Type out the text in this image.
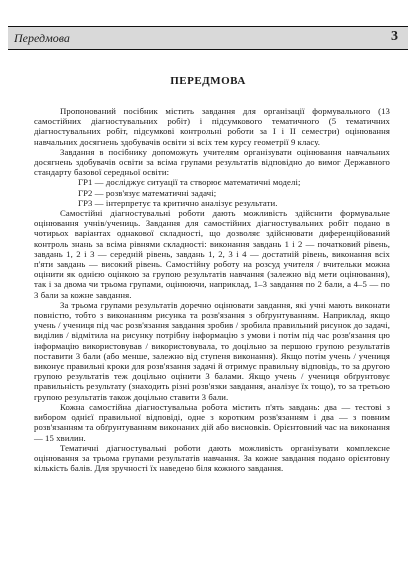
Передмова	3
ПЕРЕДМОВА

Пропонований посібник містить завдання для організації формувального (13 самостійних діагностувальних робіт) і підсумкового тематичного (5 тематичних діагностувальних робіт, підсумкові контрольні роботи за I і II семестри) оцінювання навчальних досягнень здобувачів освіти зі всіх тем курсу геометрії 9 класу.

Завдання в посібнику допоможуть учителям організувати оцінювання навчальних досягнень здобувачів освіти за всіма групами результатів відповідно до вимог Державного стандарту базової середньої освіти:

ГР1 — досліджує ситуації та створює математичні моделі;

ГР2 — розв'язує математичні задачі;

ГР3 — інтерпретує та критично аналізує результати.

Самостійні діагностувальні роботи дають можливість здійснити формувальне оцінювання учнів/учениць. Завдання для самостійних діагностувальних робіт подано в чотирьох варіантах однакової складності, що дозволяє здійснювати диференційований контроль знань за всіма рівнями складності: виконання завдань 1 і 2 — початковий рівень, завдань 1, 2 і 3 — середній рівень, завдань 1, 2, 3 і 4 — достатній рівень, виконання всіх п'яти завдань — високий рівень. Самостійну роботу на розсуд учителя / вчительки можна оцінити як однією оцінкою за групою результатів навчання (залежно від мети оцінювання), так і за двома чи трьома групами, оцінюючи, наприклад, 1–3 завдання по 2 бали, а 4–5 — по 3 бали за кожне завдання.

За трьома групами результатів доречно оцінювати завдання, які учні мають виконати повністю, тобто з виконанням рисунка та розв'язання з обґрунтуванням. Наприклад, якщо учень / учениця під час розв'язання завдання зробив / зробила правильний рисунок до задачі, виділив / відмітила на рисунку потрібну інформацію з умови і потім під час розв'язання цю інформацію використовував / використовувала, то доцільно за першою групою результатів поставити 3 бали (або менше, залежно від ступеня виконання). Якщо потім учень / учениця виконує правильні кроки для розв'язання задачі й отримує правильну відповідь, то за другою групою результатів теж доцільно оцінити 3 балами. Якщо учень / учениця обґрунтовує правильність результату (знаходить різні розв'язки завдання, аналізує їх тощо), то за третьою групою результатів також доцільно ставити 3 бали.

Кожна самостійна діагностувальна робота містить п'ять завдань: два — тестові з вибором однієї правильної відповіді, одне з коротким розв'язанням і два — з повним розв'язанням та обґрунтуванням виконаних дій або висновків. Орієнтовний час на виконання — 15 хвилин.

Тематичні діагностувальні роботи дають можливість організувати комплексне оцінювання за трьома групами результатів навчання. За кожне завдання подано орієнтовну кількість балів. Для зручності їх наведено біля кожного завдання.
